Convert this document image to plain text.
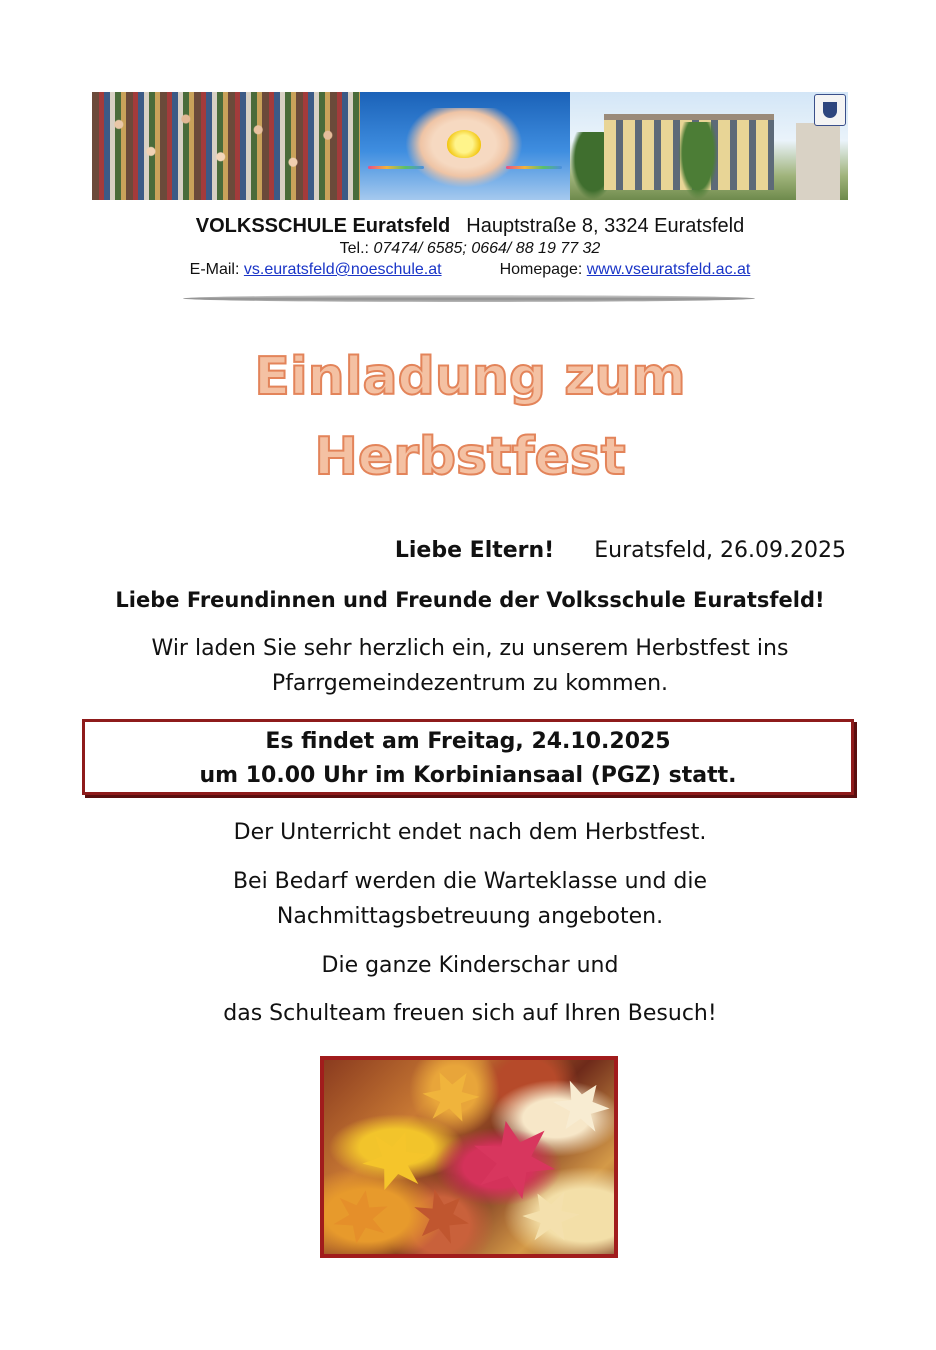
VOLKSSCHULE Euratsfeld Hauptstraße 8, 3324 Euratsfeld
Tel.: 07474/ 6585; 0664/ 88 19 77 32
E-Mail: vs.euratsfeld@noeschule.at	Homepage: www.vseuratsfeld.ac.at
Einladung zum
Herbstfest
Liebe Eltern! Euratsfeld, 26.09.2025
Liebe Freundinnen und Freunde der Volksschule Euratsfeld!
Wir laden Sie sehr herzlich ein, zu unserem Herbstfest ins
Pfarrgemeindezentrum zu kommen.
Es findet am Freitag, 24.10.2025
um 10.00 Uhr im Korbiniansaal (PGZ) statt.
Der Unterricht endet nach dem Herbstfest.
Bei Bedarf werden die Warteklasse und die
Nachmittagsbetreuung angeboten.
Die ganze Kinderschar und
das Schulteam freuen sich auf Ihren Besuch!
